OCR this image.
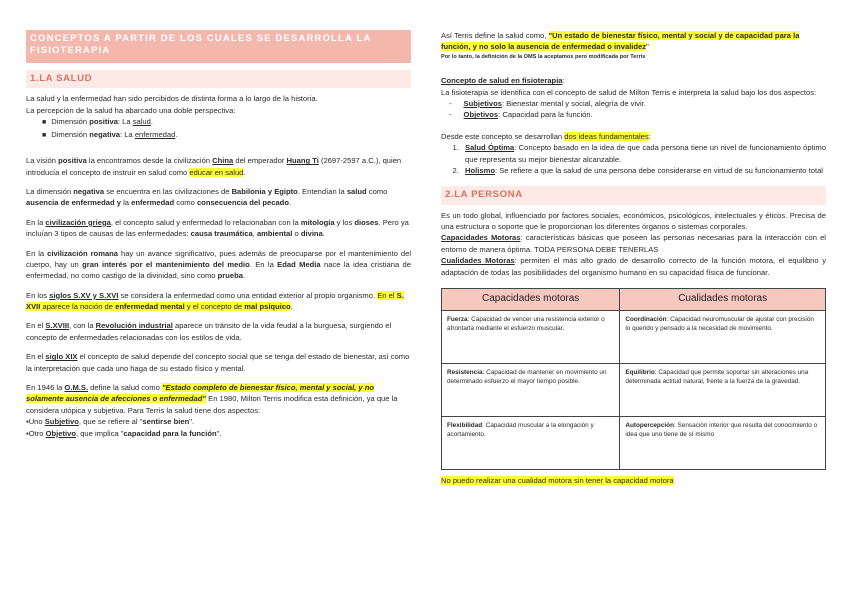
CONCEPTOS A PARTIR DE LOS CUALES SE DESARROLLA LA FISIOTERAPIA
1.LA SALUD

La salud y la enfermedad han sido percibidos de distinta forma a lo largo de la historia.

La percepción de la salud ha abarcado una doble perspectiva:

■ Dimensión positiva: La salud.
■ Dimensión negativa: La enfermedad.

La visión positiva la encontramos desde la civilización China del emperador Huang Ti (2697-2597 a.C.), quien introducía el concepto de instruir en salud como educar en salud.

La dimensión negativa se encuentra en las civilizaciones de Babilonia y Egipto. Entendían la salud como ausencia de enfermedad y la enfermedad como consecuencia del pecado.

En la civilización griega, el concepto salud y enfermedad lo relacionaban con la mitología y los dioses. Pero ya incluían 3 tipos de causas de las enfermedades: causa traumática, ambiental o divina.

En la civilización romana hay un avance significativo, pues además de preocuparse por el mantenimiento del cuerpo, hay un gran interés por el mantenimiento del medio. En la Edad Media nace la idea cristiana de enfermedad, no como castigo de la divinidad, sino como prueba.

En los siglos S.XV y S.XVI se considera la enfermedad como una entidad exterior al propio organismo. En el S. XVII aparece la noción de enfermedad mental y el concepto de mal psíquico.

En el S.XVIII, con la Revolución industrial aparece un tránsito de la vida feudal a la burguesa, surgiendo el concepto de enfermedades relacionadas con los estilos de vida.

En el siglo XIX el concepto de salud depende del concepto social que se tenga del estado de bienestar, así como la interpretación que cada uno haga de su estado físico y mental.

En 1946 la O.M.S. define la salud como "Estado completo de bienestar físico, mental y social, y no solamente ausencia de afecciones o enfermedad" En 1980, Milton Terris modifica esta definición, ya que la considera utópica y subjetiva. Para Terris la salud tiene dos aspectos:

▪Uno Subjetivo, que se refiere al "sentirse bien".

▪Otro Objetivo, que implica "capacidad para la función".

Así Terris define la salud como, "Un estado de bienestar físico, mental y social y de capacidad para la función, y no solo la ausencia de enfermedad o invalidez"

Por lo tanto, la definición de la OMS la aceptamos pero modificada por Terris

Concepto de salud en fisioterapia:

La fisioterapia se identifica con el concepto de salud de Milton Terris e interpreta la salud bajo los dos aspectos:

- Subjetivos: Bienestar mental y social, alegría de vivir.
- Objetivos: Capacidad para la función.

Desde este concepto se desarrollan dos ideas fundamentales:

1. Salud Óptima: Concepto basado en la idea de que cada persona tiene un nivel de funcionamiento óptimo que representa su mejor bienestar alcanzable.
2. Holismo: Se refiere a que la salud de una persona debe considerarse en virtud de su funcionamiento total
2.LA PERSONA

Es un todo global, influenciado por factores sociales, económicos, psicológicos, intelectuales y éticos. Precisa de una estructura o soporte que le proporcionan los diferentes órganos o sistemas corporales.

Capacidades Motoras: características básicas que poseen las personas necesarias para la interacción con el entorno de manera óptima. TODA PERSONA DEBE TENERLAS

Cualidades Motoras: permiten el más alto grado de desarrollo correcto de la función motora, el equilibrio y adaptación de todas las posibilidades del organismo humano en su capacidad física de funcionar.

Capacidades motoras	Cualidades motoras
Fuerza: Capacidad de vencer una resistencia exterior o afrontarla mediante el esfuerzo muscular.	Coordinación: Capacidad neuromuscular de ajustar con precisión lo querido y pensado a la necesidad de movimiento.
Resistencia: Capacidad de mantener en movimiento un determinado esfuerzo el mayor tiempo posible.	Equilibrio: Capacidad que permite soportar sin alteraciones una determinada actitud natural, frente a la fuerza de la gravedad.
Flexibilidad: Capacidad muscular a la elongación y acortamiento.	Autopercepción: Sensación interior que resulta del conocimiento o idea que uno tiene de sí mismo

No puedo realizar una cualidad motora sin tener la capacidad motora
